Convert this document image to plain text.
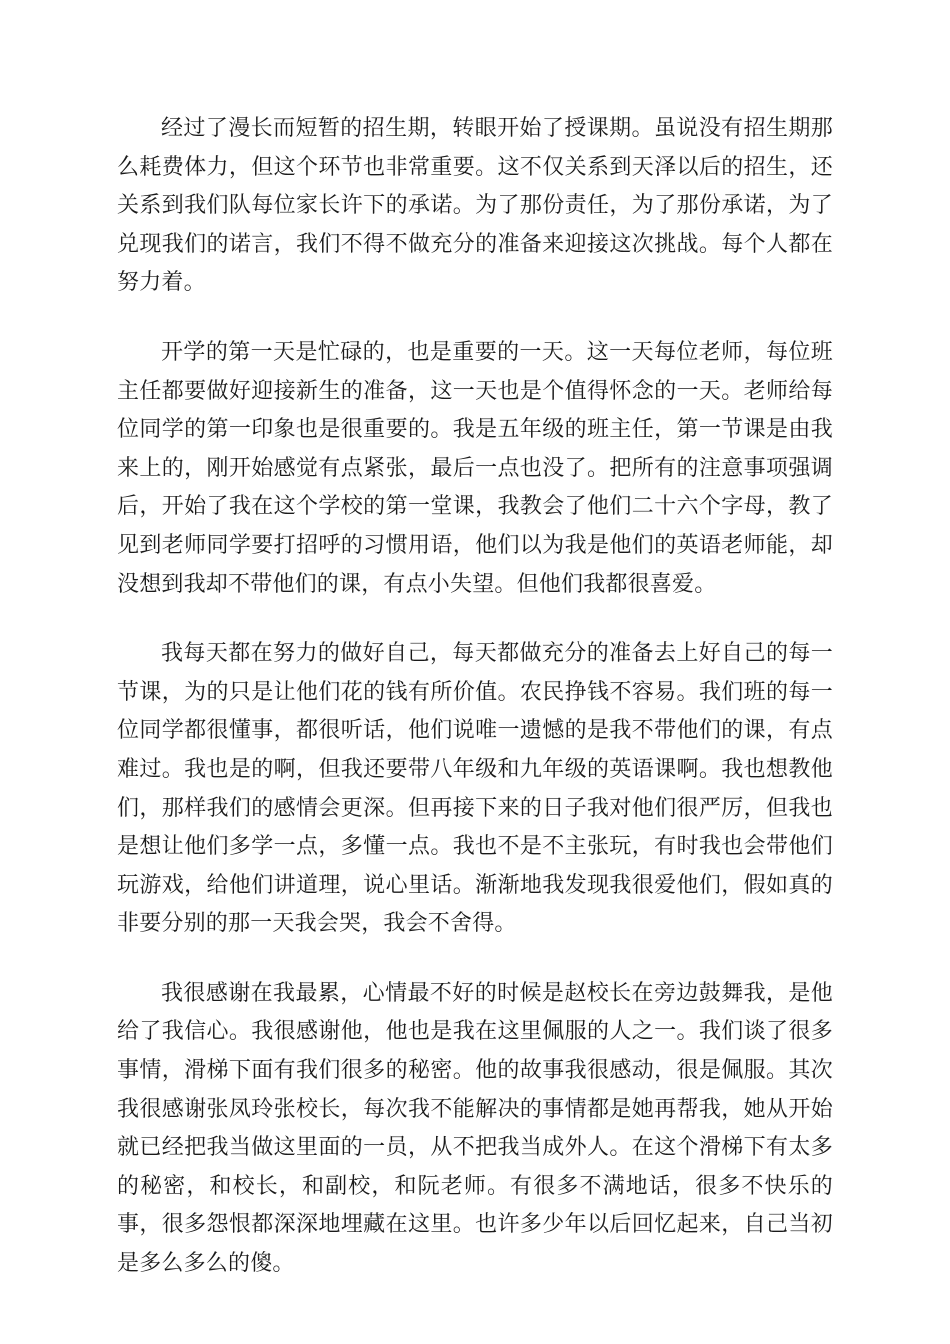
经过了漫长而短暂的招生期，转眼开始了授课期。虽说没有招生期那么耗费体力，但这个环节也非常重要。这不仅关系到天泽以后的招生，还关系到我们队每位家长许下的承诺。为了那份责任，为了那份承诺，为了兑现我们的诺言，我们不得不做充分的准备来迎接这次挑战。每个人都在努力着。

开学的第一天是忙碌的，也是重要的一天。这一天每位老师，每位班主任都要做好迎接新生的准备，这一天也是个值得怀念的一天。老师给每位同学的第一印象也是很重要的。我是五年级的班主任，第一节课是由我来上的，刚开始感觉有点紧张，最后一点也没了。把所有的注意事项强调后，开始了我在这个学校的第一堂课，我教会了他们二十六个字母，教了见到老师同学要打招呼的习惯用语，他们以为我是他们的英语老师能，却没想到我却不带他们的课，有点小失望。但他们我都很喜爱。

我每天都在努力的做好自己，每天都做充分的准备去上好自己的每一节课，为的只是让他们花的钱有所价值。农民挣钱不容易。我们班的每一位同学都很懂事，都很听话，他们说唯一遗憾的是我不带他们的课，有点难过。我也是的啊，但我还要带八年级和九年级的英语课啊。我也想教他们，那样我们的感情会更深。但再接下来的日子我对他们很严厉，但我也是想让他们多学一点，多懂一点。我也不是不主张玩，有时我也会带他们玩游戏，给他们讲道理，说心里话。渐渐地我发现我很爱他们，假如真的非要分别的那一天我会哭，我会不舍得。

我很感谢在我最累，心情最不好的时候是赵校长在旁边鼓舞我，是他给了我信心。我很感谢他，他也是我在这里佩服的人之一。我们谈了很多事情，滑梯下面有我们很多的秘密。他的故事我很感动，很是佩服。其次我很感谢张凤玲张校长，每次我不能解决的事情都是她再帮我，她从开始就已经把我当做这里面的一员，从不把我当成外人。在这个滑梯下有太多的秘密，和校长，和副校，和阮老师。有很多不满地话，很多不快乐的事，很多怨恨都深深地埋藏在这里。也许多少年以后回忆起来，自己当初是多么多么的傻。
